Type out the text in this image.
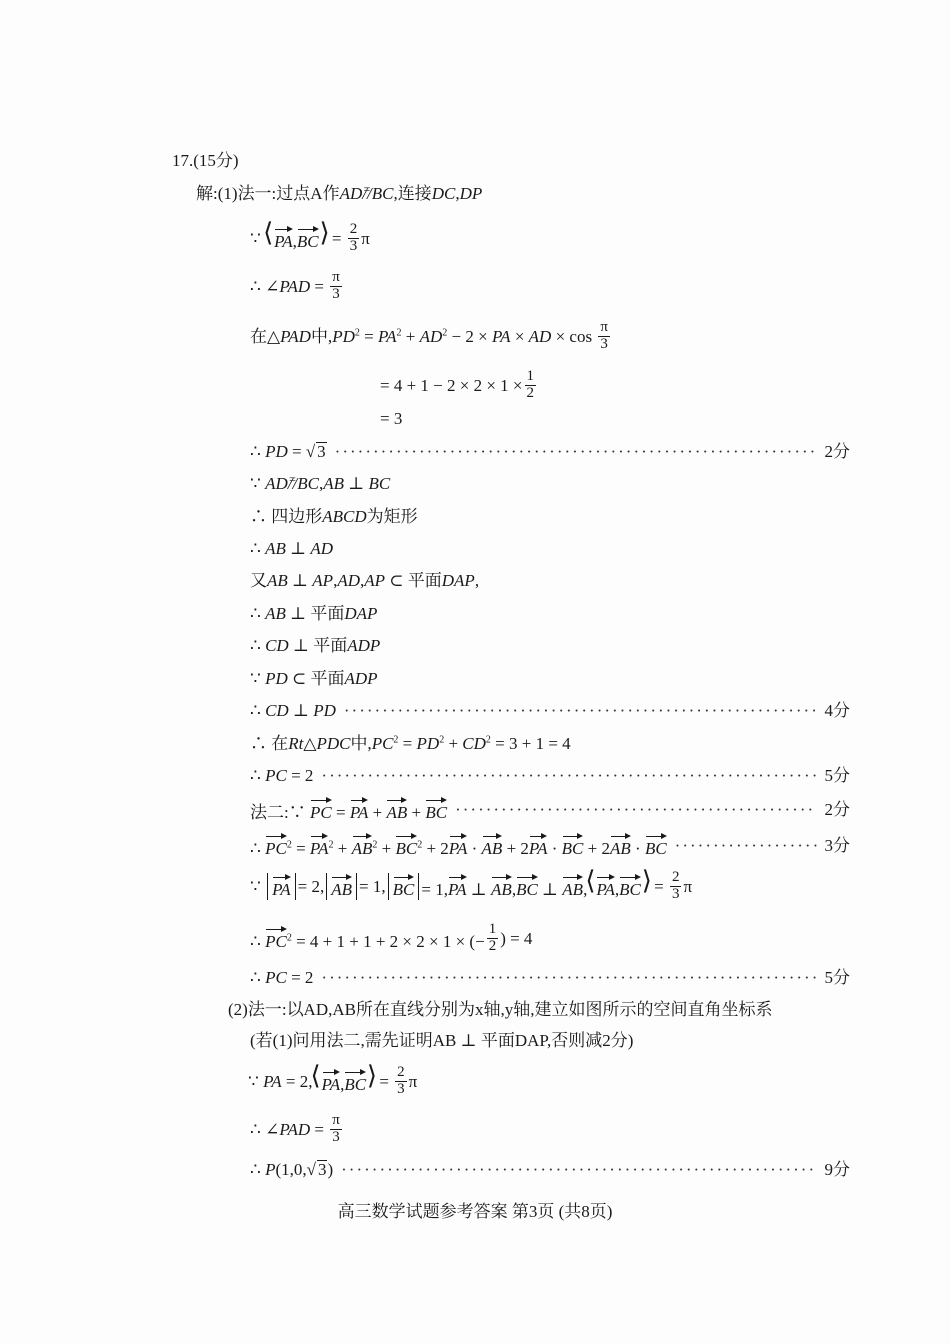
17.(15分)
解:(1)法一:过点A作AD// =BC,连接DC,DP
∵ ⟨ PA,BC ⟩ = $\frac{2}{3}$ π
∴ ∠PAD = $\frac{\pi}{3}$
在△PAD中$,PD^2 = PA^2 + AD^2 - 2$ × PA × AD × $\cos \frac{\pi}{3}$
= $4 + 1 - 2 \times 2 \times 1 \times \frac{1}{2}$
= 3
∴ PD = √ 3 ·····	2分
∵ AD// =BC,AB ⊥ BC
∴ 四边形ABCD为矩形
∴ AB ⊥ AD
又AB ⊥ AP,AD,AP ⊂ 平面DAP,
∴ AB ⊥ 平面DAP
∴ CD ⊥ 平面ADP
∵ PD ⊂ 平面ADP
∴ CD ⊥ PD ·····	4分
∴ 在Rt△PDC中$,PC^2 = PD^2 + CD^2 = 3 + 1 = 4$
∴ PC = 2 ·····	5分
法二:∵ PC = PA + AB + BC ·····	2分
∴ $PC^2 = PA^2 + AB^2 + BC^2 + 2PA$ · AB + 2PA · BC + 2AB · BC ·····	3分
∵ PA = 2, AB = 1, BC = 1,PA ⊥ AB,BC ⊥ AB, ⟨ PA,BC ⟩ = $\frac{2}{3}$ π
∴ $PC^2 = 4 + 1 + 1 + 2 \times 2 \times 1$ × (− $\frac{1}{2}$ ) = 4
∴ PC = 2 ·····	5分
(2)法一:以AD,AB所在直线分别为x轴,y轴,建立如图所示的空间直角坐标系
(若(1)问用法二,需先证明AB ⊥ 平面DAP,否则减2分)
∵ PA = 2, ⟨ PA,BC ⟩ = $\frac{2}{3}$ π
∴ ∠PAD = $\frac{\pi}{3}$
∴ P(1,0,√ 3) ·····	9分
高三数学试题参考答案 第3页 (共8页)
